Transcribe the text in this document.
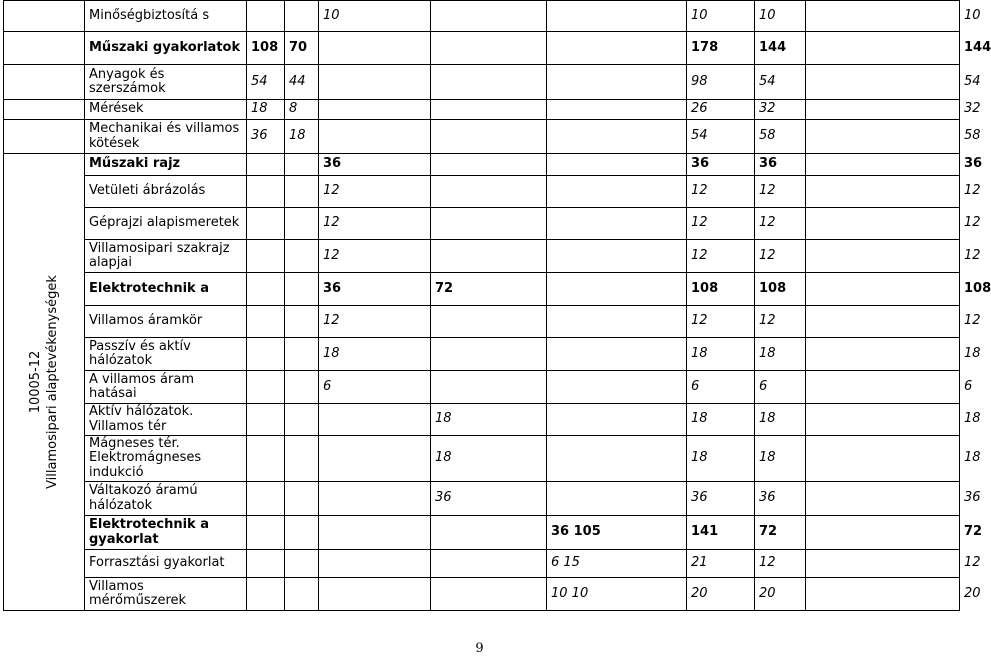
	Minőségbiztosítá s			10			10	10		10
	Műszaki gyakorlatok	108	70				178	144		144
	Anyagok és szerszámok	54	44				98	54		54
	Mérések	18	8				26	32		32
	Mechanikai és villamos kötések	36	18				54	58		58

10005-12 Villamosipari alaptevékenységek	Műszaki rajz			36			36	36		36
	Vetületi ábrázolás			12			12	12		12
	Géprajzi alapismeretek			12			12	12		12
	Villamosipari szakrajz alapjai			12			12	12		12
	Elektrotechnik a			36	72		108	108		108
	Villamos áramkör			12			12	12		12
	Passzív és aktív hálózatok			18			18	18		18
	A villamos áram hatásai			6			6	6		6
	Aktív hálózatok. Villamos tér				18		18	18		18
	Mágneses tér. Elektromágneses indukció				18		18	18		18
	Váltakozó áramú hálózatok				36		36	36		36
	Elektrotechnik a gyakorlat					36 105	141	72		72
	Forrasztási gyakorlat					6 15	21	12		12
	Villamos mérőműszerek					10 10	20	20		20
9
